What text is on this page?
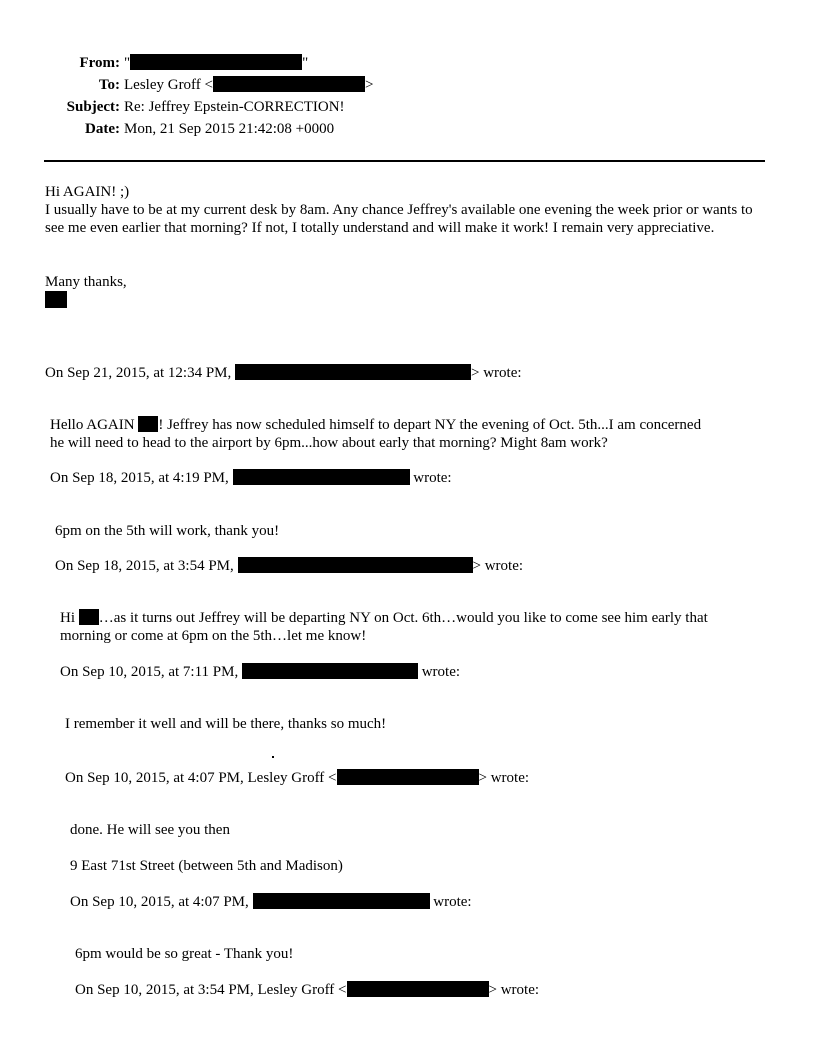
From: "	"
To: Lesley Groff <	>
Subject: Re: Jeffrey Epstein-CORRECTION!
Date: Mon, 21 Sep 2015 21:42:08 +0000
Hi AGAIN! ;)
I usually have to be at my current desk by 8am. Any chance Jeffrey's available one evening the week prior or wants to see me even earlier that morning? If not, I totally understand and will make it work! I remain very appreciative.
Many thanks,
On Sep 21, 2015, at 12:34 PM,	> wrote:
Hello AGAIN ! Jeffrey has now scheduled himself to depart NY the evening of Oct. 5th...I am concerned
he will need to head to the airport by 6pm...how about early that morning? Might 8am work?
On Sep 18, 2015, at 4:19 PM,	wrote:
6pm on the 5th will work, thank you!
On Sep 18, 2015, at 3:54 PM,	> wrote:
Hi …as it turns out Jeffrey will be departing NY on Oct. 6th…would you like to come see him early that
morning or come at 6pm on the 5th…let me know!
On Sep 10, 2015, at 7:11 PM,	wrote:
I remember it well and will be there, thanks so much!
On Sep 10, 2015, at 4:07 PM, Lesley Groff <	> wrote:
done. He will see you then
9 East 71st Street (between 5th and Madison)
On Sep 10, 2015, at 4:07 PM,	wrote:
6pm would be so great - Thank you!
On Sep 10, 2015, at 3:54 PM, Lesley Groff <	> wrote:
